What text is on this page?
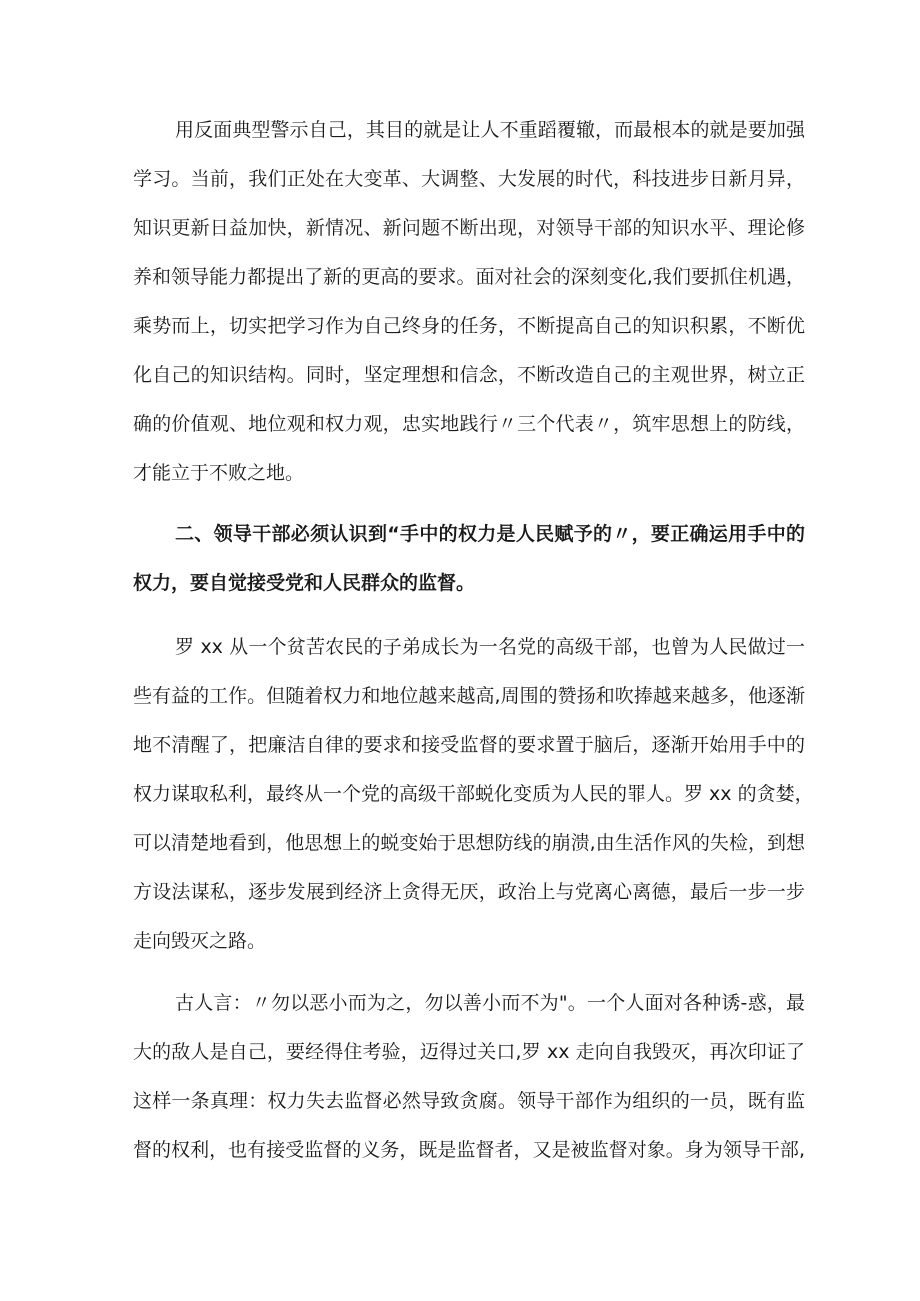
用反面典型警示自己，其目的就是让人不重蹈覆辙，而最根本的就是要加强
学习。当前，我们正处在大变革、大调整、大发展的时代，科技进步日新月异，
知识更新日益加快，新情况、新问题不断出现，对领导干部的知识水平、理论修
养和领导能力都提出了新的更高的要求。面对社会的深刻变化,我们要抓住机遇，
乘势而上，切实把学习作为自己终身的任务，不断提高自己的知识积累，不断优
化自己的知识结构。同时，坚定理想和信念，不断改造自己的主观世界，树立正
确的价值观、地位观和权力观，忠实地践行〃三个代表〃，筑牢思想上的防线，
才能立于不败之地。
二、领导干部必须认识到“手中的权力是人民赋予的〃，要正确运用手中的
权力，要自觉接受党和人民群众的监督。
罗 xx 从一个贫苦农民的子弟成长为一名党的高级干部，也曾为人民做过一
些有益的工作。但随着权力和地位越来越高,周围的赞扬和吹捧越来越多，他逐渐
地不清醒了，把廉洁自律的要求和接受监督的要求置于脑后，逐渐开始用手中的
权力谋取私利，最终从一个党的高级干部蜕化变质为人民的罪人。罗 xx 的贪婪，
可以清楚地看到，他思想上的蜕变始于思想防线的崩溃,由生活作风的失检，到想
方设法谋私，逐步发展到经济上贪得无厌，政治上与党离心离德，最后一步一步
走向毁灭之路。
古人言：〃勿以恶小而为之，勿以善小而不为"。一个人面对各种诱-惑，最
大的敌人是自己，要经得住考验，迈得过关口,罗 xx 走向自我毁灭，再次印证了
这样一条真理：权力失去监督必然导致贪腐。领导干部作为组织的一员，既有监
督的权利，也有接受监督的义务，既是监督者，又是被监督对象。身为领导干部,
